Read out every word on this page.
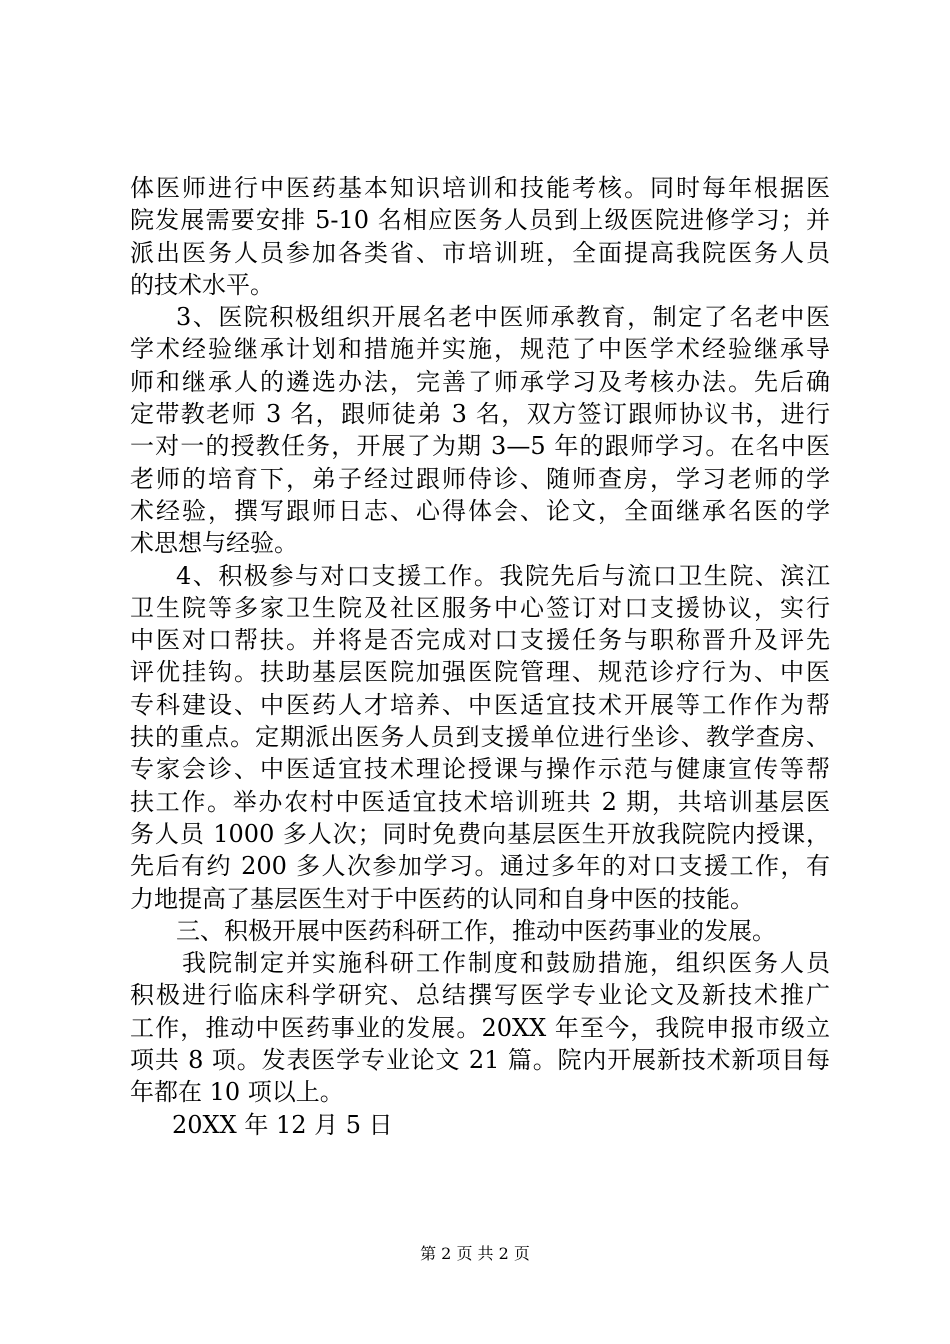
体医师进行中医药基本知识培训和技能考核。同时每年根据医
院发展需要安排 5-10 名相应医务人员到上级医院进修学习；并
派出医务人员参加各类省、市培训班，全面提高我院医务人员
的技术水平。
3、医院积极组织开展名老中医师承教育，制定了名老中医
学术经验继承计划和措施并实施，规范了中医学术经验继承导
师和继承人的遴选办法，完善了师承学习及考核办法。先后确
定带教老师 3 名，跟师徒弟 3 名，双方签订跟师协议书，进行
一对一的授教任务，开展了为期 3—5 年的跟师学习。在名中医
老师的培育下，弟子经过跟师侍诊、随师查房，学习老师的学
术经验，撰写跟师日志、心得体会、论文，全面继承名医的学
术思想与经验。
4、积极参与对口支援工作。我院先后与流口卫生院、滨江
卫生院等多家卫生院及社区服务中心签订对口支援协议，实行
中医对口帮扶。并将是否完成对口支援任务与职称晋升及评先
评优挂钩。扶助基层医院加强医院管理、规范诊疗行为、中医
专科建设、中医药人才培养、中医适宜技术开展等工作作为帮
扶的重点。定期派出医务人员到支援单位进行坐诊、教学查房、
专家会诊、中医适宜技术理论授课与操作示范与健康宣传等帮
扶工作。举办农村中医适宜技术培训班共 2 期，共培训基层医
务人员 1000 多人次；同时免费向基层医生开放我院院内授课，
先后有约 200 多人次参加学习。通过多年的对口支援工作，有
力地提高了基层医生对于中医药的认同和自身中医的技能。
三、积极开展中医药科研工作，推动中医药事业的发展。
我院制定并实施科研工作制度和鼓励措施，组织医务人员
积极进行临床科学研究、总结撰写医学专业论文及新技术推广
工作，推动中医药事业的发展。20XX 年至今，我院申报市级立
项共 8 项。发表医学专业论文 21 篇。院内开展新技术新项目每
年都在 10 项以上。
20XX 年 12 月 5 日
第 2 页 共 2 页
